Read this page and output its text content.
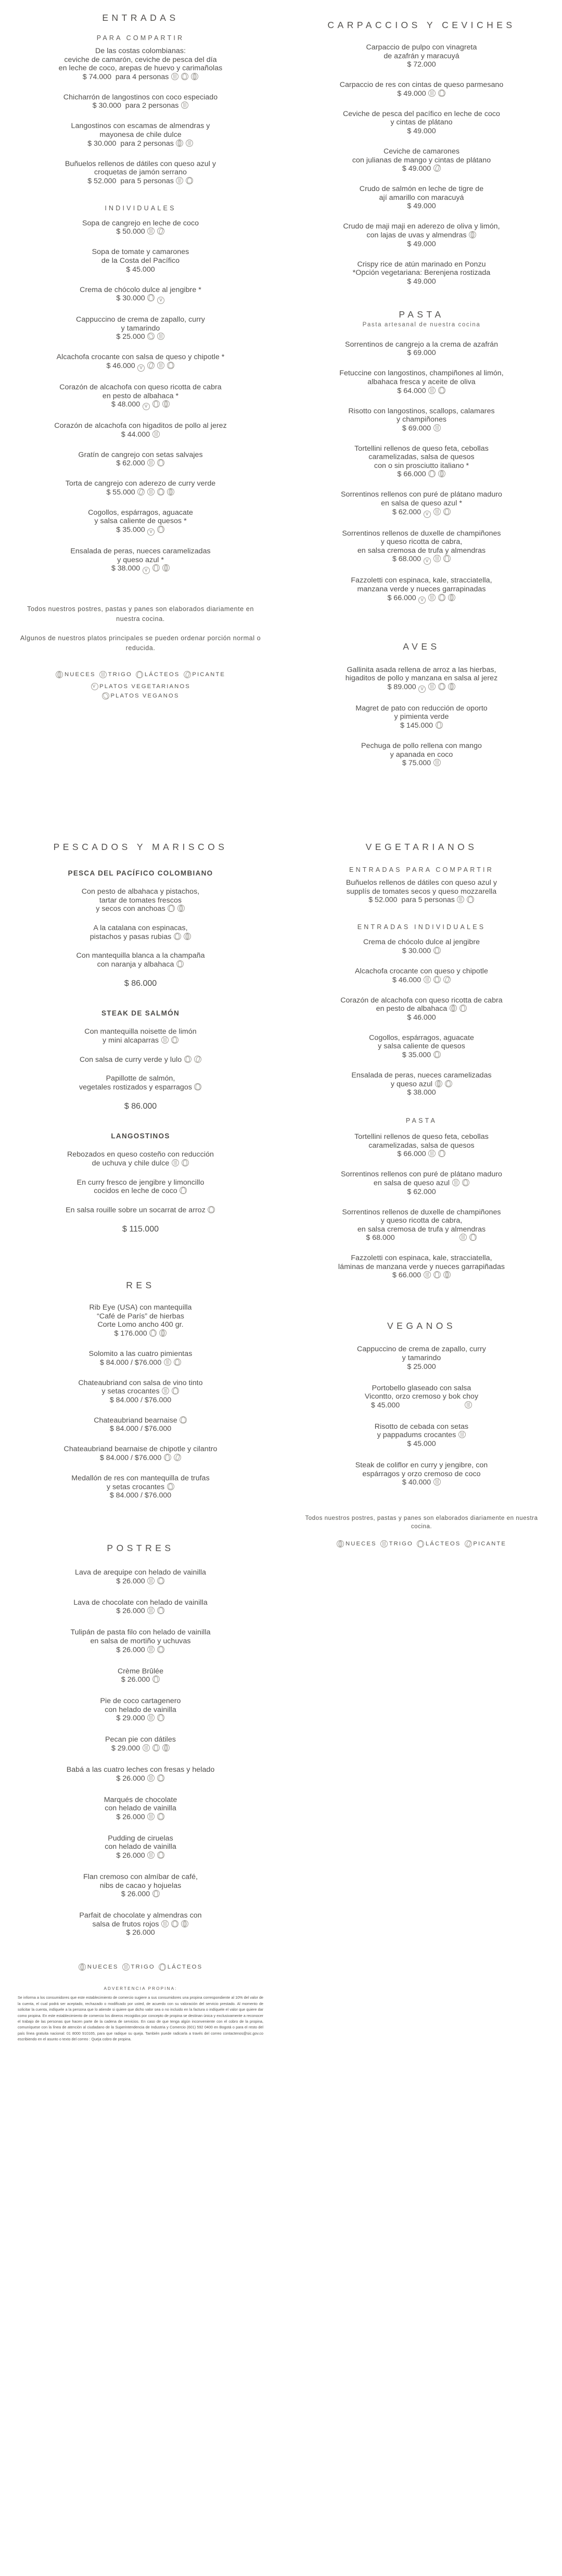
ENTRADAS
PARA COMPARTIR
De las costas colombianas:
ceviche de camarón, ceviche de pesca del día
en leche de coco, arepas de huevo y carimañolas
$ 74.000  para 4 personas
Chicharrón de langostinos con coco especiado
$ 30.000  para 2 personas
Langostinos con escamas de almendras y
mayonesa de chile dulce
$ 30.000  para 2 personas
Buñuelos rellenos de dátiles con queso azul y
croquetas de jamón serrano
$ 52.000  para 5 personas
INDIVIDUALES
Sopa de cangrejo en leche de coco
$ 50.000
Sopa de tomate y camarones
de la Costa del Pacífico
$ 45.000
Crema de chócolo dulce al jengibre *
$ 30.000  V
Cappuccino de crema de zapallo, curry
y tamarindo
$ 25.000
Alcachofa crocante con salsa de queso y chipotle *
$ 46.000 V
Corazón de alcachofa con queso ricotta de cabra
en pesto de albahaca *
$ 48.000 V
Corazón de alcachofa con higaditos de pollo al jerez
$ 44.000
Gratín de cangrejo con setas salvajes
$ 62.000
Torta de cangrejo con aderezo de curry verde
$ 55.000
Cogollos, espárragos, aguacate
y salsa caliente de quesos *
$ 35.000 V
Ensalada de peras, nueces caramelizadas
y queso azul *
$ 38.000 V
Todos nuestros postres, pastas y panes son elaborados diariamente en nuestra cocina.
Algunos de nuestros platos principales se pueden ordenar porción normal o reducida.
NUECES TRIGO LÁCTEOS PICANTE
V
PLATOS VEGETARIANOS
PLATOS VEGANOS
CARPACCIOS Y CEVICHES
Carpaccio de pulpo con vinagreta
de azafrán y maracuyá
$ 72.000
Carpaccio de res con cintas de queso parmesano
$ 49.000
Ceviche de pesca del pacífico en leche de coco
y cintas de plátano
$ 49.000
Ceviche de camarones
con julianas de mango y cintas de plátano
$ 49.000
Crudo de salmón en leche de tigre de
ají amarillo con maracuyá
$ 49.000
Crudo de maji maji en aderezo de oliva y limón,
con lajas de uvas y almendras
$ 49.000
Crispy rice de atún marinado en Ponzu
*Opción vegetariana: Berenjena rostizada
$ 49.000
PASTA
Pasta artesanal de nuestra cocina
Sorrentinos de cangrejo a la crema de azafrán
$ 69.000
Fetuccine con langostinos, champiñones al limón,
albahaca fresca y aceite de oliva
$ 64.000
Risotto con langostinos, scallops, calamares
y champiñones
$ 69.000
Tortellini rellenos de queso feta, cebollas
caramelizadas, salsa de quesos
con o sin prosciutto italiano *
$ 66.000
Sorrentinos rellenos con puré de plátano maduro
en salsa de queso azul *
$ 62.000 V
Sorrentinos rellenos de duxelle de champiñones
y queso ricotta de cabra,
en salsa cremosa de trufa y almendras
$ 68.000 V
Fazzoletti con espinaca, kale, stracciatella,
manzana verde y nueces garrapinadas
$ 66.000 V
AVES
Gallinita asada rellena de arroz a las hierbas,
higaditos de pollo y manzana en salsa al jerez
$ 89.000 V
Magret de pato con reducción de oporto
y pimienta verde
$ 145.000
Pechuga de pollo rellena con mango
y apanada en coco
$ 75.000
PESCADOS Y MARISCOS
PESCA DEL PACÍFICO COLOMBIANO
Con pesto de albahaca y pistachos,
tartar de tomates frescos
y secos con anchoas
A la catalana con espinacas,
pistachos y pasas rubias
Con mantequilla blanca a la champaña
con naranja y albahaca
$ 86.000
STEAK DE SALMÓN
Con mantequilla noisette de limón
y mini alcaparras
Con salsa de curry verde y lulo
Papillotte de salmón,
vegetales rostizados y esparragos
$ 86.000
LANGOSTINOS
Rebozados en queso costeño con reducción
de uchuva y chile dulce
En curry fresco de jengibre y limoncillo
cocidos en leche de coco
En salsa rouille sobre un socarrat de arroz
$ 115.000
RES
Rib Eye (USA) con mantequilla
“Café de París” de hierbas
Corte Lomo ancho 400 gr.
$ 176.000
Solomito a las cuatro pimientas
$ 84.000 / $76.000
Chateaubriand con salsa de vino tinto
y setas crocantes
$ 84.000 / $76.000
Chateaubriand bearnaise
$ 84.000 / $76.000
Chateaubriand bearnaise de chipotle y cilantro
$ 84.000 / $76.000
Medallón de res con mantequilla de trufas
y setas crocantes
$ 84.000 / $76.000
POSTRES
Lava de arequipe con helado de vainilla
$ 26.000
Lava de chocolate con helado de vainilla
$ 26.000
Tulipán de pasta filo con helado de vainilla
en salsa de mortiño y uchuvas
$ 26.000
Crème Brûlée
$ 26.000
Pie de coco cartagenero
con helado de vainilla
$ 29.000
Pecan pie con dátiles
$ 29.000
Babá a las cuatro leches con fresas y helado
$ 26.000
Marqués de chocolate
con helado de vainilla
$ 26.000
Pudding de ciruelas
con helado de vainilla
$ 26.000
Flan cremoso con almíbar de café,
nibs de cacao y hojuelas
$ 26.000
Parfait de chocolate y almendras con
salsa de frutos rojos
$ 26.000
NUECES TRIGO LÁCTEOS
ADVERTENCIA PROPINA:
Se informa a los consumidores que este establecimiento de comercio sugiere a sus consumidores una propina correspondiente al 10% del valor de la cuenta, el cual podrá ser aceptado, rechazado o modificado por usted, de acuerdo con su valoración del servicio prestado. Al momento de solicitar la cuenta, indíquele a la persona que lo atiende si quiere que dicho valor sea o no incluido en la factura o indíquele el valor que quiere dar como propina. En este establecimiento de comercio los dineros recogidos por concepto de propina se destinan única y exclusivamente a reconocer el trabajo de las personas que hacen parte de la cadena de servicios. En caso de que tenga algún inconveniente con el cobro de la propina, comuníquese con la línea de atención al ciudadano de la Superintendencia de Industria y Comercio (601) 592 0400 en Bogotá o para el resto del país línea gratuita nacional: 01 8000 910165, para que radique su queja. También puede radicarla a través del correo contactenos@sic.gov.co escribiendo en el asunto o texto del correo : Queja cobro de propina.
VEGETARIANOS
ENTRADAS PARA COMPARTIR
Buñuelos rellenos de dátiles con queso azul y
supplís de tomates secos y queso mozzarella
$ 52.000  para 5 personas
ENTRADAS INDIVIDUALES
Crema de chócolo dulce al jengibre
$ 30.000
Alcachofa crocante con queso y chipotle
$ 46.000
Corazón de alcachofa con queso ricotta de cabra
en pesto de albahaca
$ 46.000
Cogollos, espárragos, aguacate
y salsa caliente de quesos
$ 35.000
Ensalada de peras, nueces caramelizadas
y queso azul
$ 38.000
PASTA
Tortellini rellenos de queso feta, cebollas
caramelizadas, salsa de quesos
$ 66.000
Sorrentinos rellenos con puré de plátano maduro
en salsa de queso azul
$ 62.000
Sorrentinos rellenos de duxelle de champiñones
y queso ricotta de cabra,
en salsa cremosa de trufa y almendras
$ 68.000
Fazzoletti con espinaca, kale, stracciatella,
láminas de manzana verde y nueces garrapiñadas
$ 66.000
VEGANOS
Cappuccino de crema de zapallo, curry
y tamarindo
$ 25.000
Portobello glaseado con salsa
Vicontto, orzo cremoso y bok choy
$ 45.000
Risotto de cebada con setas
y pappadums crocantes
$ 45.000
Steak de coliflor en curry y jengibre, con
espárragos y orzo cremoso de coco
$ 40.000
Todos nuestros postres, pastas y panes son elaborados diariamente en nuestra cocina.
NUECES TRIGO LÁCTEOS PICANTE
